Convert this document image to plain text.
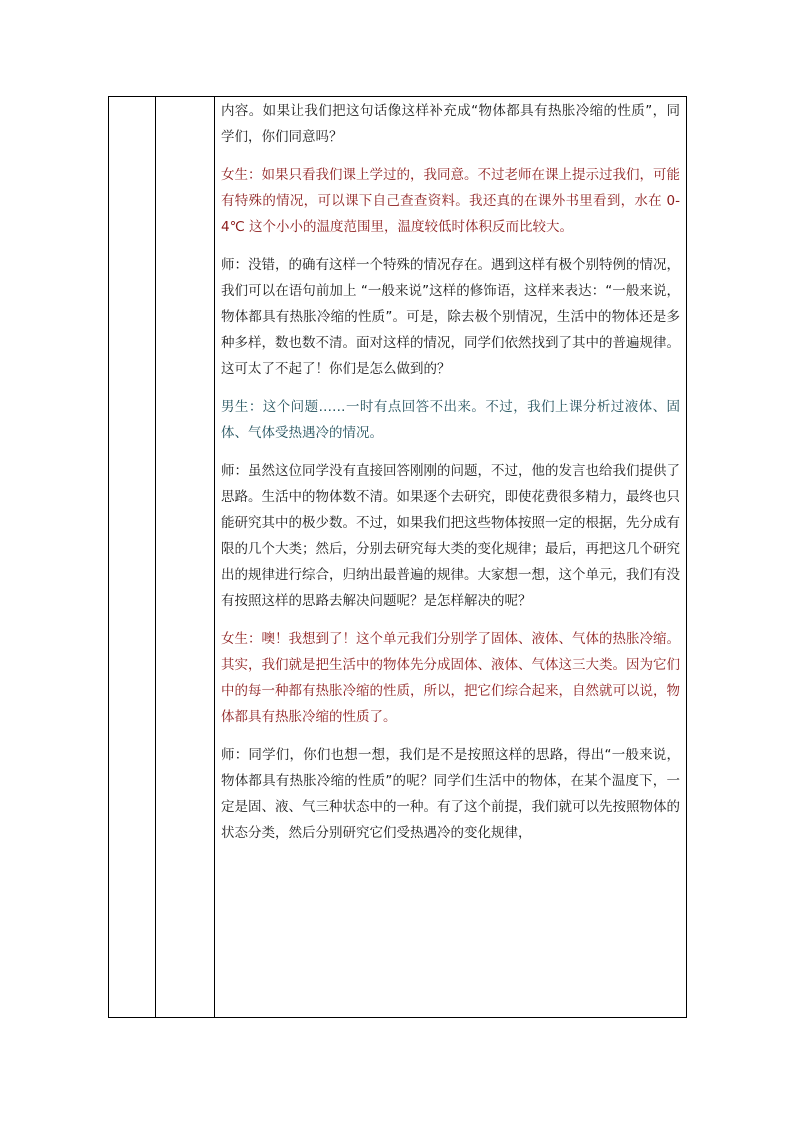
内容。如果让我们把这句话像这样补充成“物体都具有热胀冷缩的性质”，同学们，你们同意吗？

女生：如果只看我们课上学过的，我同意。不过老师在课上提示过我们，可能有特殊的情况，可以课下自己查查资料。我还真的在课外书里看到，水在 0-4℃ 这个小小的温度范围里，温度较低时体积反而比较大。

师：没错，的确有这样一个特殊的情况存在。遇到这样有极个别特例的情况，我们可以在语句前加上 “一般来说”这样的修饰语，这样来表达：“一般来说，物体都具有热胀冷缩的性质”。可是，除去极个别情况，生活中的物体还是多种多样，数也数不清。面对这样的情况，同学们依然找到了其中的普遍规律。这可太了不起了！你们是怎么做到的？

男生：这个问题……一时有点回答不出来。不过，我们上课分析过液体、固体、气体受热遇冷的情况。

师：虽然这位同学没有直接回答刚刚的问题，不过，他的发言也给我们提供了思路。生活中的物体数不清。如果逐个去研究，即使花费很多精力，最终也只能研究其中的极少数。不过，如果我们把这些物体按照一定的根据，先分成有限的几个大类；然后，分别去研究每大类的变化规律；最后，再把这几个研究出的规律进行综合，归纳出最普遍的规律。大家想一想，这个单元，我们有没有按照这样的思路去解决问题呢？是怎样解决的呢？

女生：噢！我想到了！这个单元我们分别学了固体、液体、气体的热胀冷缩。其实，我们就是把生活中的物体先分成固体、液体、气体这三大类。因为它们中的每一种都有热胀冷缩的性质，所以，把它们综合起来，自然就可以说，物体都具有热胀冷缩的性质了。

师：同学们，你们也想一想，我们是不是按照这样的思路，得出“一般来说，物体都具有热胀冷缩的性质”的呢？同学们生活中的物体，在某个温度下，一定是固、液、气三种状态中的一种。有了这个前提，我们就可以先按照物体的状态分类，然后分别研究它们受热遇冷的变化规律，
